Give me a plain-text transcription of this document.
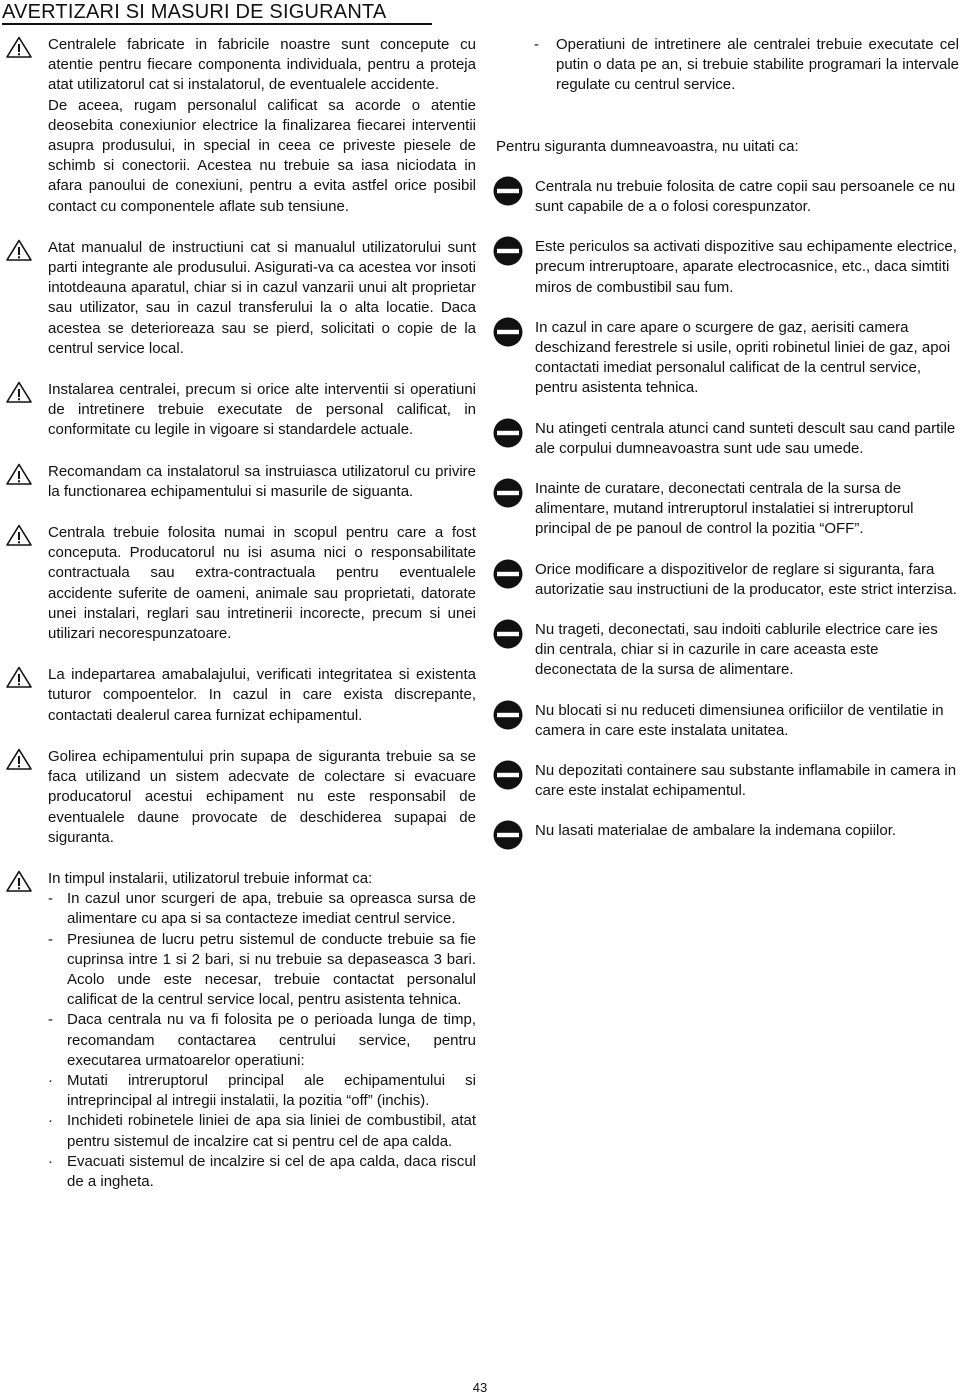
AVERTIZARI SI MASURI DE SIGURANTA

Centralele fabricate in fabricile noastre sunt concepute cu atentie pentru fiecare componenta individuala, pentru a proteja atat utilizatorul cat si instalatorul, de eventualele accidente.

De aceea, rugam personalul calificat sa acorde o atentie deosebita conexiunior electrice la finalizarea fiecarei interventii asupra produsului, in special in ceea ce priveste piesele de schimb si conectorii. Acestea nu trebuie sa iasa niciodata in afara panoului de conexiuni, pentru a evita astfel orice posibil contact cu componentele aflate sub tensiune.

Atat manualul de instructiuni cat si manualul utilizatorului sunt parti integrante ale produsului. Asigurati-va ca acestea vor insoti intotdeauna aparatul, chiar si in cazul vanzarii unui alt proprietar sau utilizator, sau in cazul transferului la o alta locatie. Daca acestea se deterioreaza sau se pierd, solicitati o copie de la centrul service local.

Instalarea centralei, precum si orice alte interventii si operatiuni de intretinere trebuie executate de personal calificat, in conformitate cu legile in vigoare si standardele actuale.

Recomandam ca instalatorul sa instruiasca utilizatorul cu privire la functionarea echipamentului si masurile de siguanta.

Centrala trebuie folosita numai in scopul pentru care a fost conceputa. Producatorul nu isi asuma nici o responsabilitate contractuala sau extra-contractuala pentru eventualele accidente suferite de oameni, animale sau proprietati, datorate unei instalari, reglari sau intretinerii incorecte, precum si unei utilizari necorespunzatoare.

La indepartarea amabalajului, verificati integritatea si existenta tuturor compoentelor. In cazul in care exista discrepante, contactati dealerul carea furnizat echipamentul.

Golirea echipamentului prin supapa de siguranta trebuie sa se faca utilizand un sistem adecvate de colectare si evacuare producatorul acestui echipament nu este responsabil de eventualele daune provocate de deschiderea supapai de siguranta.

In timpul instalarii, utilizatorul trebuie informat ca:

- In cazul unor scurgeri de apa, trebuie sa opreasca sursa de alimentare cu apa si sa contacteze imediat centrul service.
- Presiunea de lucru petru sistemul de conducte trebuie sa fie cuprinsa intre 1 si 2 bari, si nu trebuie sa depaseasca 3 bari. Acolo unde este necesar, trebuie contactat personalul calificat de la centrul service local, pentru asistenta tehnica.
- Daca centrala nu va fi folosita pe o perioada lunga de timp, recomandam contactarea centrului service, pentru executarea urmatoarelor operatiuni:
· Mutati intreruptorul principal ale echipamentului si intreprincipal al intregii instalatii, la pozitia “off” (inchis).
· Inchideti robinetele liniei de apa sia liniei de combustibil, atat pentru sistemul de incalzire cat si pentru cel de apa calda.
· Evacuati sistemul de incalzire si cel de apa calda, daca riscul de a ingheta.
- Operatiuni de intretinere ale centralei trebuie executate cel putin o data pe an, si trebuie stabilite programari la intervale regulate cu centrul service.

Pentru siguranta dumneavoastra, nu uitati ca:

Centrala nu trebuie folosita de catre copii sau persoanele ce nu sunt capabile de a o folosi corespunzator.
Este periculos sa activati dispozitive sau echipamente electrice, precum intreruptoare, aparate electrocasnice, etc., daca simtiti miros de combustibil sau fum.
In cazul in care apare o scurgere de gaz, aerisiti camera deschizand ferestrele si usile, opriti robinetul liniei de gaz, apoi contactati imediat personalul calificat de la centrul service, pentru asistenta tehnica.
Nu atingeti centrala atunci cand sunteti descult sau cand partile ale corpului dumneavoastra sunt ude sau umede.
Inainte de curatare, deconectati centrala de la sursa de alimentare, mutand intreruptorul instalatiei si intreruptorul principal de pe panoul de control la pozitia “OFF”.
Orice modificare a dispozitivelor de reglare si siguranta, fara autorizatie sau instructiuni de la producator, este strict interzisa.
Nu trageti, deconectati, sau indoiti cablurile electrice care ies din centrala, chiar si in cazurile in care aceasta este deconectata de la sursa de alimentare.
Nu blocati si nu reduceti dimensiunea orificiilor de ventilatie in camera in care este instalata unitatea.
Nu depozitati containere sau substante inflamabile in camera in care este instalat echipamentul.
Nu lasati materialae de ambalare la indemana copiilor.
43
